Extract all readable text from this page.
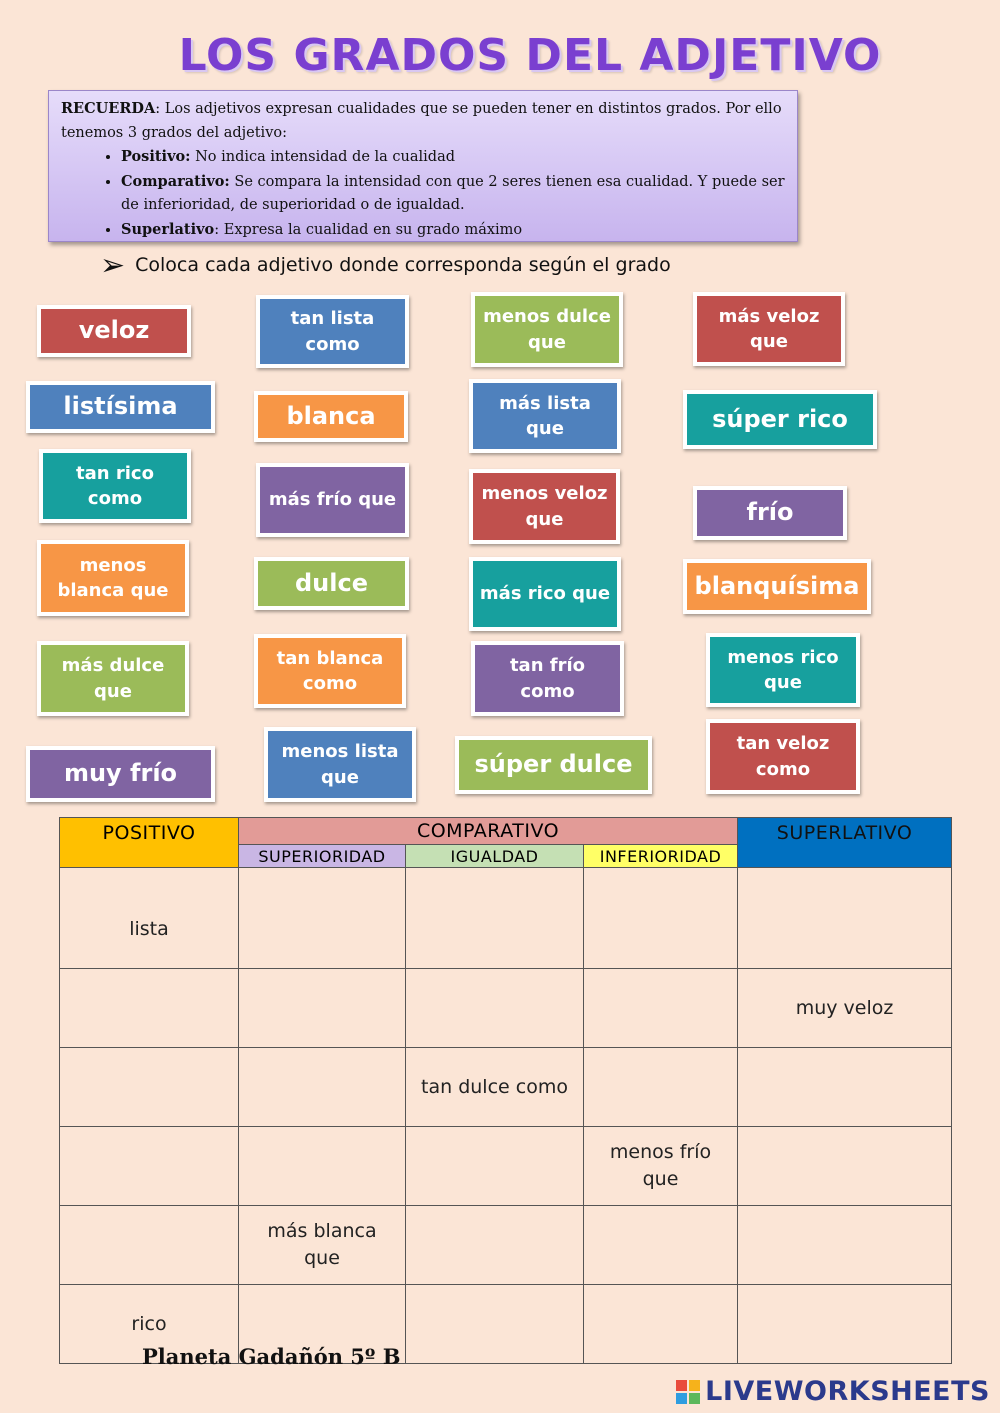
LOS GRADOS DEL ADJETIVO

RECUERDA: Los adjetivos expresan cualidades que se pueden tener en distintos grados. Por ello tenemos 3 grados del adjetivo:

• Positivo: No indica intensidad de la cualidad
• Comparativo: Se compara la intensidad con que 2 seres tienen esa cualidad. Y puede ser de inferioridad, de superioridad o de igualdad.
• Superlativo: Expresa la cualidad en su grado máximo
➢ Coloca cada adjetivo donde corresponda según el grado
veloz	tan lista como
menos dulce que
más veloz que
listísima	blanca	más lista que	súper rico
tan rico como	más frío que	menos veloz que	frío
menos blanca que	dulce	más rico que	blanquísima
más dulce que
tan blanca como
tan frío como
menos rico que
muy frío
menos lista que	súper dulce
tan veloz como
POSITIVO	COMPARATIVO			SUPERLATIVO
	SUPERIORIDAD	IGUALDAD	INFERIORIDAD	
lista				
				muy veloz
		tan dulce como		
			menos frío que	
	más blanca que			
rico				
Planeta Gadañón 5º B
LIVEWORKSHEETS
